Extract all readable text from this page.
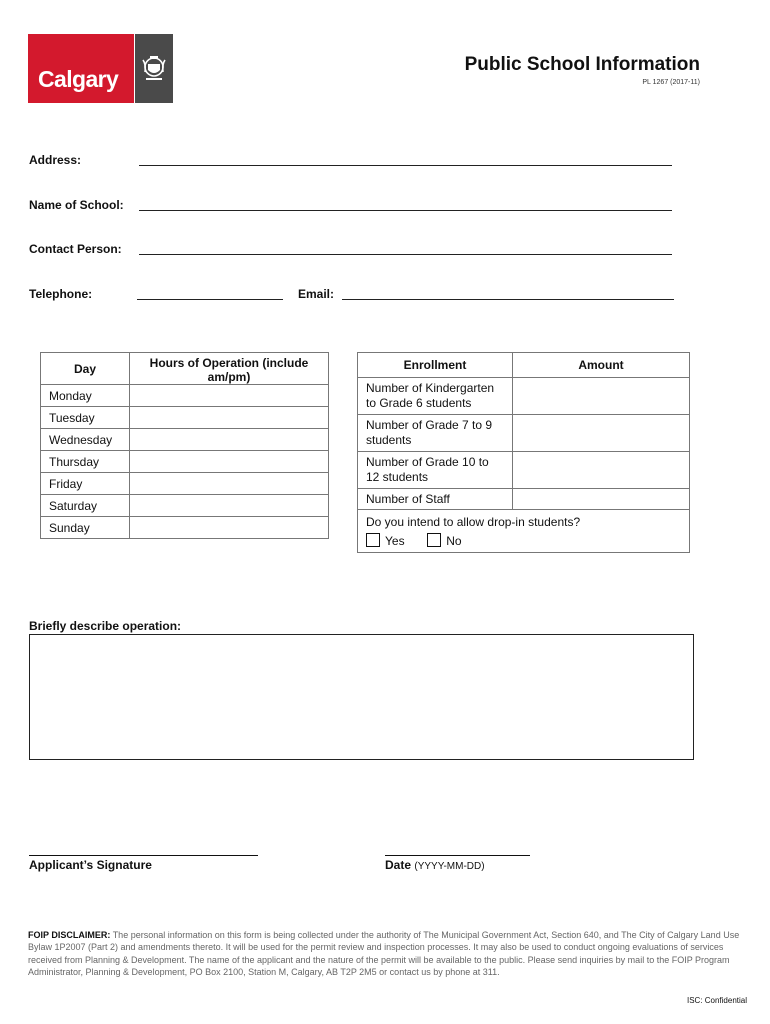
Calgary
Public School Information
PL 1267 (2017-11)
Address:
Name of School:
Contact Person:
Telephone:	Email:
Day	Hours of Operation (include am/pm)
Monday	
Tuesday	
Wednesday	
Thursday	
Friday	
Saturday	
Sunday	
Enrollment	Amount
Number of Kindergarten to Grade 6 students	
Number of Grade 7 to 9 students	
Number of Grade 10 to 12 students	
Number of Staff	

Do you intend to allow drop-in students?
Yes No	
Briefly describe operation:
Applicant’s Signature	Date (YYYY-MM-DD)
FOIP DISCLAIMER: The personal information on this form is being collected under the authority of The Municipal Government Act, Section 640, and The City of Calgary Land Use Bylaw 1P2007 (Part 2) and amendments thereto. It will be used for the permit review and inspection processes. It may also be used to conduct ongoing evaluations of services received from Planning & Development. The name of the applicant and the nature of the permit will be available to the public. Please send inquiries by mail to the FOIP Program Administrator, Planning & Development, PO Box 2100, Station M, Calgary, AB T2P 2M5 or contact us by phone at 311.
ISC: Confidential
